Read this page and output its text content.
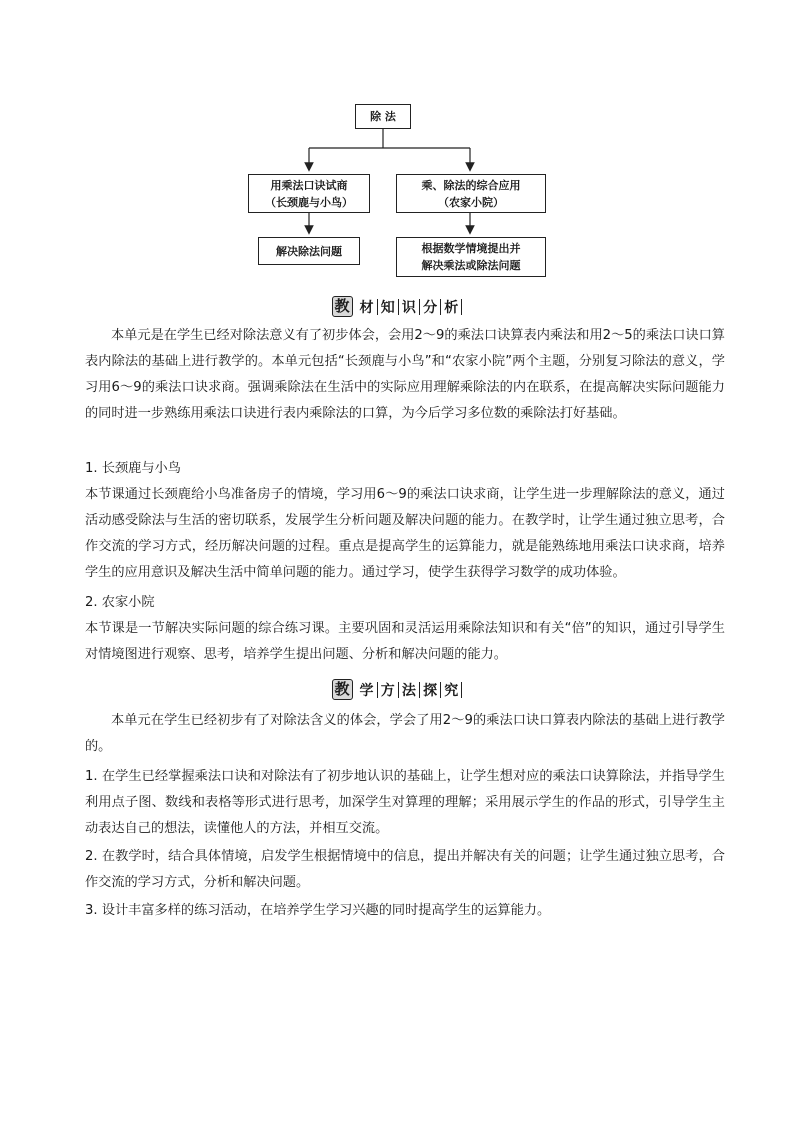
除 法
用乘法口诀试商
（长颈鹿与小鸟）
乘、除法的综合应用
（农家小院）
解决除法问题	根据数学情境提出并
解决乘法或除法问题
教 材 知 识 分 析

本单元是在学生已经对除法意义有了初步体会，会用2～9的乘法口诀算表内乘法和用2～5的乘法口诀口算表内除法的基础上进行教学的。本单元包括“长颈鹿与小鸟”和“农家小院”两个主题，分别复习除法的意义，学习用6～9的乘法口诀求商。强调乘除法在生活中的实际应用理解乘除法的内在联系，在提高解决实际问题能力的同时进一步熟练用乘法口诀进行表内乘除法的口算，为今后学习多位数的乘除法打好基础。

1. 长颈鹿与小鸟

本节课通过长颈鹿给小鸟准备房子的情境，学习用6～9的乘法口诀求商，让学生进一步理解除法的意义，通过活动感受除法与生活的密切联系，发展学生分析问题及解决问题的能力。在教学时，让学生通过独立思考，合作交流的学习方式，经历解决问题的过程。重点是提高学生的运算能力，就是能熟练地用乘法口诀求商，培养学生的应用意识及解决生活中简单问题的能力。通过学习，使学生获得学习数学的成功体验。

2. 农家小院

本节课是一节解决实际问题的综合练习课。主要巩固和灵活运用乘除法知识和有关“倍”的知识，通过引导学生对情境图进行观察、思考，培养学生提出问题、分析和解决问题的能力。

教 学 方 法 探 究

本单元在学生已经初步有了对除法含义的体会，学会了用2～9的乘法口诀口算表内除法的基础上进行教学的。

1. 在学生已经掌握乘法口诀和对除法有了初步地认识的基础上，让学生想对应的乘法口诀算除法，并指导学生利用点子图、数线和表格等形式进行思考，加深学生对算理的理解；采用展示学生的作品的形式，引导学生主动表达自己的想法，读懂他人的方法，并相互交流。

2. 在教学时，结合具体情境，启发学生根据情境中的信息，提出并解决有关的问题；让学生通过独立思考，合作交流的学习方式，分析和解决问题。

3. 设计丰富多样的练习活动，在培养学生学习兴趣的同时提高学生的运算能力。
